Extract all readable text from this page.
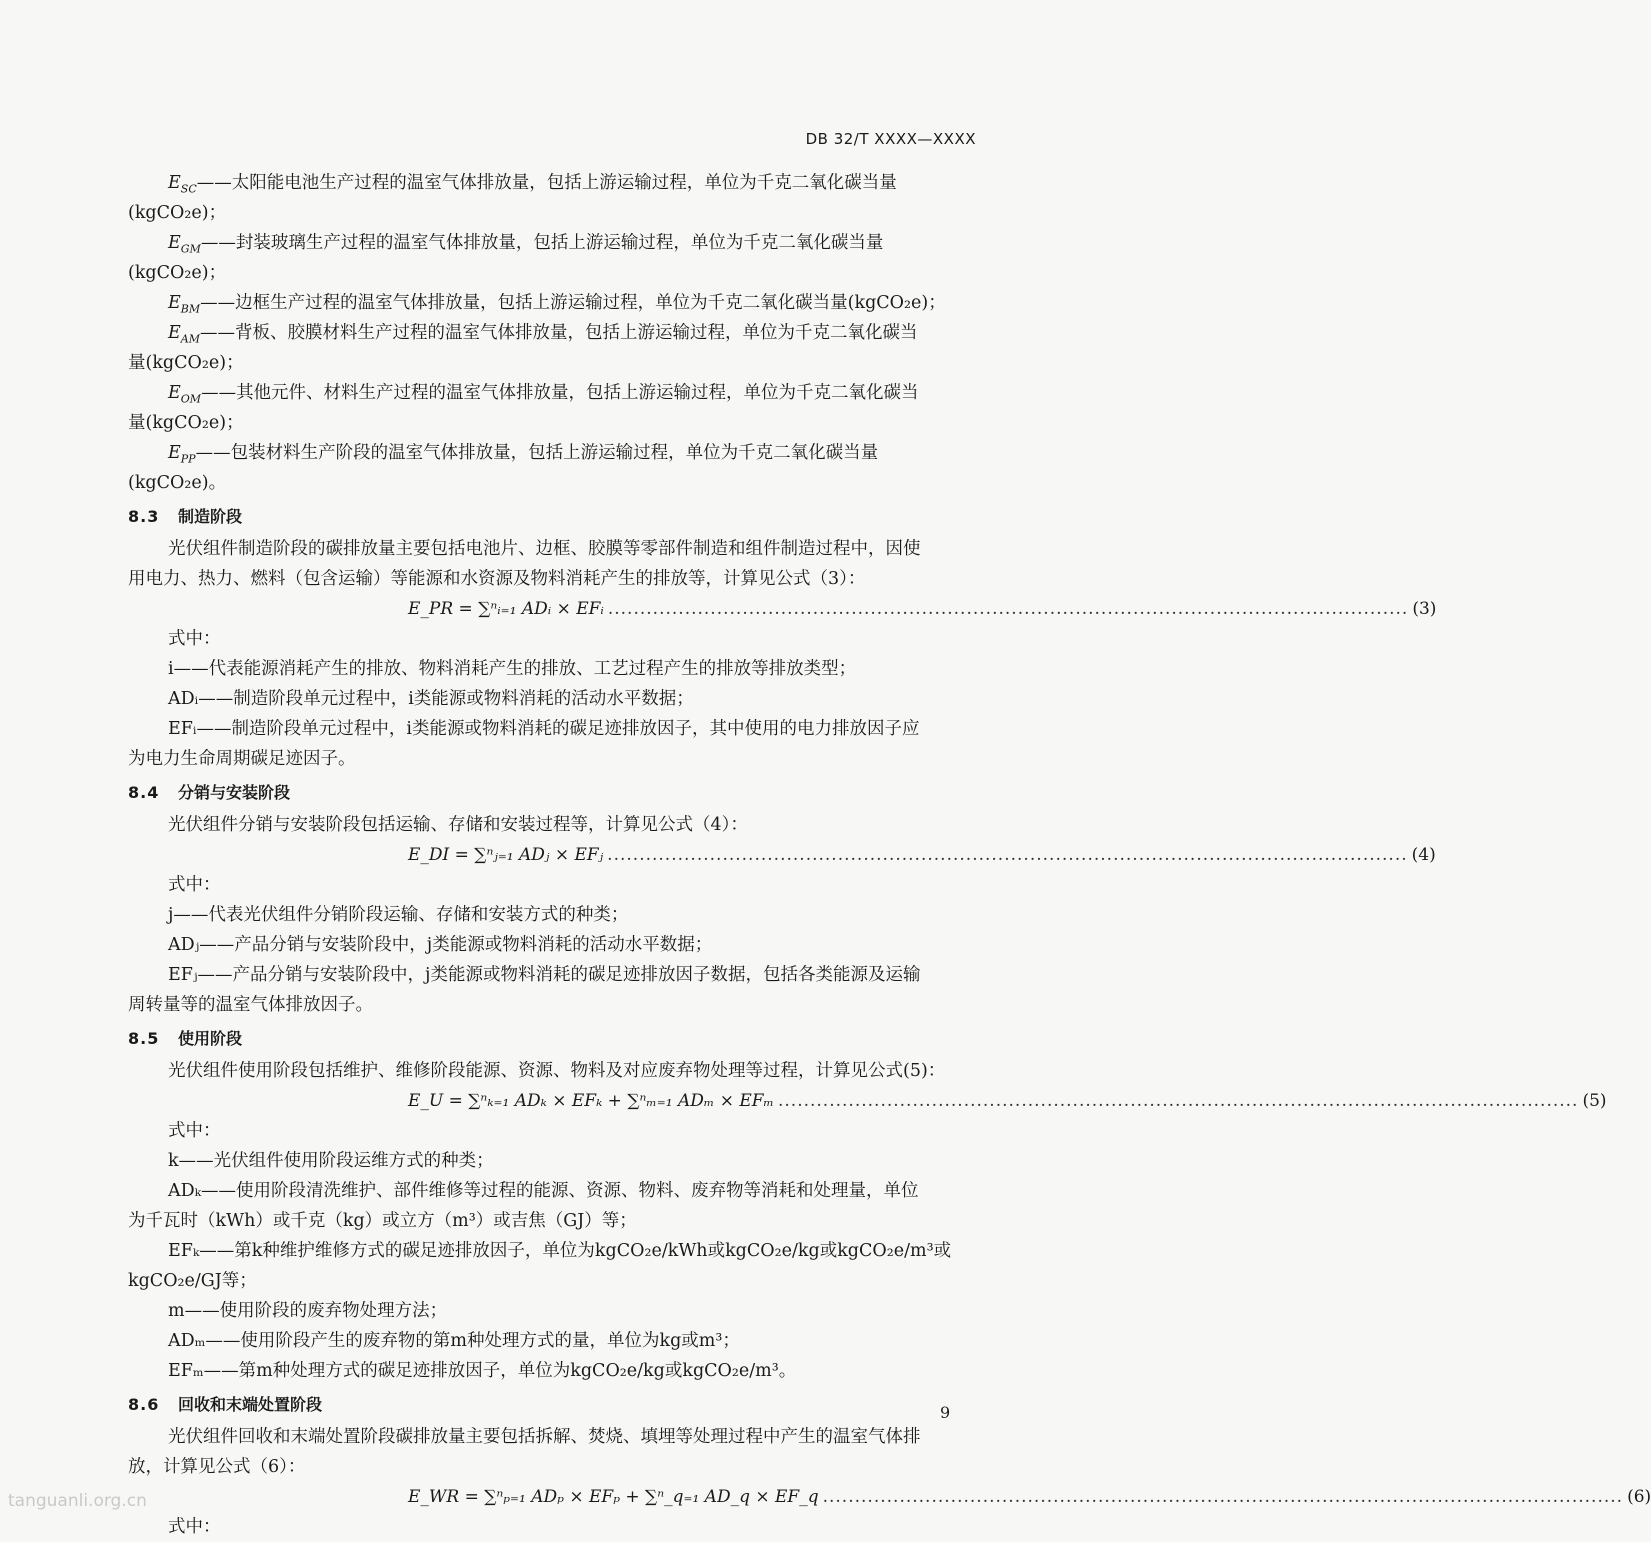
DB 32/T XXXX—XXXX
$E_{SC}——$太阳能电池生产过程的温室气体排放量，包括上游运输过程，单位为千克二氧化碳当量
(kgCO₂e)；
$E_{GM}——$封装玻璃生产过程的温室气体排放量，包括上游运输过程，单位为千克二氧化碳当量
(kgCO₂e)；
$E_{BM}——$边框生产过程的温室气体排放量，包括上游运输过程，单位为千克二氧化碳当量(kgCO₂e)；
$E_{AM}——$背板、胶膜材料生产过程的温室气体排放量，包括上游运输过程，单位为千克二氧化碳当
量(kgCO₂e)；
$E_{OM}——$其他元件、材料生产过程的温室气体排放量，包括上游运输过程，单位为千克二氧化碳当
量(kgCO₂e)；
$E_{PP}——$包装材料生产阶段的温室气体排放量，包括上游运输过程，单位为千克二氧化碳当量
(kgCO₂e)。
8.3 制造阶段
光伏组件制造阶段的碳排放量主要包括电池片、边框、胶膜等零部件制造和组件制造过程中，因使
用电力、热力、燃料（包含运输）等能源和水资源及物料消耗产生的排放等，计算见公式（3）：
E_PR = ∑ⁿᵢ₌₁ ADᵢ × EFᵢ ............................................................................................................................. (3)
式中：
i——代表能源消耗产生的排放、物料消耗产生的排放、工艺过程产生的排放等排放类型；
ADᵢ——制造阶段单元过程中，i类能源或物料消耗的活动水平数据；
EFᵢ——制造阶段单元过程中，i类能源或物料消耗的碳足迹排放因子，其中使用的电力排放因子应
为电力生命周期碳足迹因子。
8.4 分销与安装阶段
光伏组件分销与安装阶段包括运输、存储和安装过程等，计算见公式（4）：
E_DI = ∑ⁿⱼ₌₁ ADⱼ × EFⱼ ............................................................................................................................. (4)
式中：
j——代表光伏组件分销阶段运输、存储和安装方式的种类；
ADⱼ——产品分销与安装阶段中，j类能源或物料消耗的活动水平数据；
EFⱼ——产品分销与安装阶段中，j类能源或物料消耗的碳足迹排放因子数据，包括各类能源及运输
周转量等的温室气体排放因子。
8.5 使用阶段
光伏组件使用阶段包括维护、维修阶段能源、资源、物料及对应废弃物处理等过程，计算见公式(5)：
E_U = ∑ⁿₖ₌₁ ADₖ × EFₖ + ∑ⁿₘ₌₁ ADₘ × EFₘ ............................................................................................................................. (5)
式中：
k——光伏组件使用阶段运维方式的种类；
ADₖ——使用阶段清洗维护、部件维修等过程的能源、资源、物料、废弃物等消耗和处理量，单位
为千瓦时（kWh）或千克（kg）或立方（m³）或吉焦（GJ）等；
EFₖ——第k种维护维修方式的碳足迹排放因子，单位为kgCO₂e/kWh或kgCO₂e/kg或kgCO₂e/m³或
kgCO₂e/GJ等；
m——使用阶段的废弃物处理方法；
ADₘ——使用阶段产生的废弃物的第m种处理方式的量，单位为kg或m³；
EFₘ——第m种处理方式的碳足迹排放因子，单位为kgCO₂e/kg或kgCO₂e/m³。
8.6 回收和末端处置阶段
光伏组件回收和末端处置阶段碳排放量主要包括拆解、焚烧、填埋等处理过程中产生的温室气体排
放，计算见公式（6）：
E_WR = ∑ⁿₚ₌₁ ADₚ × EFₚ + ∑ⁿ_q₌₁ AD_q × EF_q ............................................................................................................................. (6)
式中：
9
tanguanli.org.cn
